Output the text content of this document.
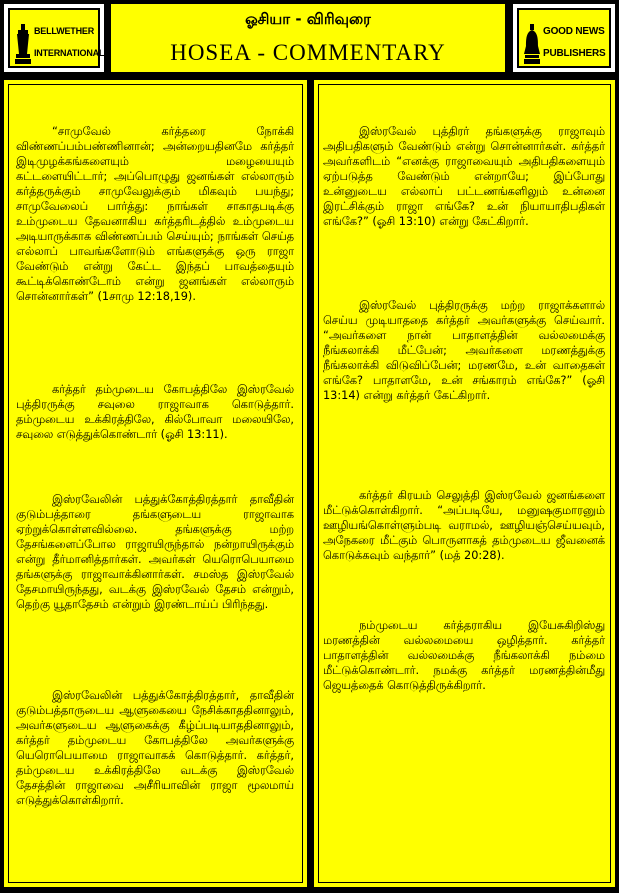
BELLWETHER
INTERNATIONAL
ஓசியா - விரிவுரை
HOSEA - COMMENTARY
GOOD NEWS
PUBLISHERS
“சாமுவேல் கர்த்தரை நோக்கி விண்ணப்பம்பண்ணினான்; அன்றையதினமே கர்த்தர் இடிமுழக்கங்களையும் மழையையும் கட்டளையிட்டார்; அப்பொழுது ஜனங்கள் எல்லாரும் கர்த்தருக்கும் சாமுவேலுக்கும் மிகவும் பயந்து; சாமுவேலைப் பார்த்து: நாங்கள் சாகாதபடிக்கு உம்முடைய தேவனாகிய கர்த்தரிடத்தில் உம்முடைய அடியாருக்காக விண்ணப்பம் செய்யும்; நாங்கள் செய்த எல்லாப் பாவங்களோடும் எங்களுக்கு ஒரு ராஜா வேண்டும் என்று கேட்ட இந்தப் பாவத்தையும் கூட்டிக்கொண்டோம் என்று ஜனங்கள் எல்லாரும் சொன்னார்கள்” (1சாமு 12:18,19).
கர்த்தர் தம்முடைய கோபத்திலே இஸ்ரவேல் புத்திரருக்கு சவுலை ராஜாவாக கொடுத்தார். தம்முடைய உக்கிரத்திலே, கில்போவா மலையிலே, சவுலை எடுத்துக்கொண்டார் (ஓசி 13:11).
இஸ்ரவேலின் பத்துக்கோத்திரத்தார் தாவீதின் குடும்பத்தாரை தங்களுடைய ராஜாவாக ஏற்றுக்கொள்ளவில்லை. தங்களுக்கு மற்ற தேசங்களைப்போல ராஜாயிருந்தால் நன்றாயிருக்கும் என்று தீர்மானித்தார்கள். அவர்கள் யெரொபெயாமை தங்களுக்கு ராஜாவாக்கினார்கள். சமஸ்த இஸ்ரவேல் தேசமாயிருந்தது, வடக்கு இஸ்ரவேல் தேசம் என்றும், தெற்கு யூதாதேசம் என்றும் இரண்டாய்ப் பிரிந்தது.
இஸ்ரவேலின் பத்துக்கோத்திரத்தார், தாவீதின் குடும்பத்தாருடைய ஆளுகையை நேசிக்காததினாலும், அவர்களுடைய ஆளுகைக்கு கீழ்ப்படியாததினாலும், கர்த்தர் தம்முடைய கோபத்திலே அவர்களுக்கு யெரொபெயாமை ராஜாவாகக் கொடுத்தார். கர்த்தர், தம்முடைய உக்கிரத்திலே வடக்கு இஸ்ரவேல் தேசத்தின் ராஜாவை அசீரியாவின் ராஜா மூலமாய் எடுத்துக்கொள்கிறார்.
இஸ்ரவேல் புத்திரர் தங்களுக்கு ராஜாவும் அதிபதிகளும் வேண்டும் என்று சொன்னார்கள். கர்த்தர் அவர்களிடம் “எனக்கு ராஜாவையும் அதிபதிகளையும் ஏற்படுத்த வேண்டும் என்றாயே; இப்போது உன்னுடைய எல்லாப் பட்டணங்களிலும் உன்னை இரட்சிக்கும் ராஜா எங்கே? உன் நியாயாதிபதிகள் எங்கே?” (ஓசி 13:10) என்று கேட்கிறார்.
இஸ்ரவேல் புத்திரருக்கு மற்ற ராஜாக்களால் செய்ய முடியாததை கர்த்தர் அவர்களுக்கு செய்வார். “அவர்களை நான் பாதாளத்தின் வல்லமைக்கு நீங்கலாக்கி மீட்பேன்; அவர்களை மரணத்துக்கு நீங்கலாக்கி விடுவிப்பேன்; மரணமே, உன் வாதைகள் எங்கே? பாதாளமே, உன் சங்காரம் எங்கே?” (ஓசி 13:14) என்று கர்த்தர் கேட்கிறார்.
கர்த்தர் கிரயம் செலுத்தி இஸ்ரவேல் ஜனங்களை மீட்டுக்கொள்கிறார். “அப்படியே, மனுஷகுமாரனும் ஊழியங்கொள்ளும்படி வராமல், ஊழியஞ்செய்யவும், அநேகரை மீட்கும் பொருளாகத் தம்முடைய ஜீவனைக் கொடுக்கவும் வந்தார்” (மத் 20:28).
நம்முடைய கர்த்தராகிய இயேசுகிறிஸ்து மரணத்தின் வல்லமையை ஒழித்தார். கர்த்தர் பாதாளத்தின் வல்லமைக்கு நீங்கலாக்கி நம்மை மீட்டுக்கொண்டார். நமக்கு கர்த்தர் மரணத்தின்மீது ஜெயத்தைக் கொடுத்திருக்கிறார்.
